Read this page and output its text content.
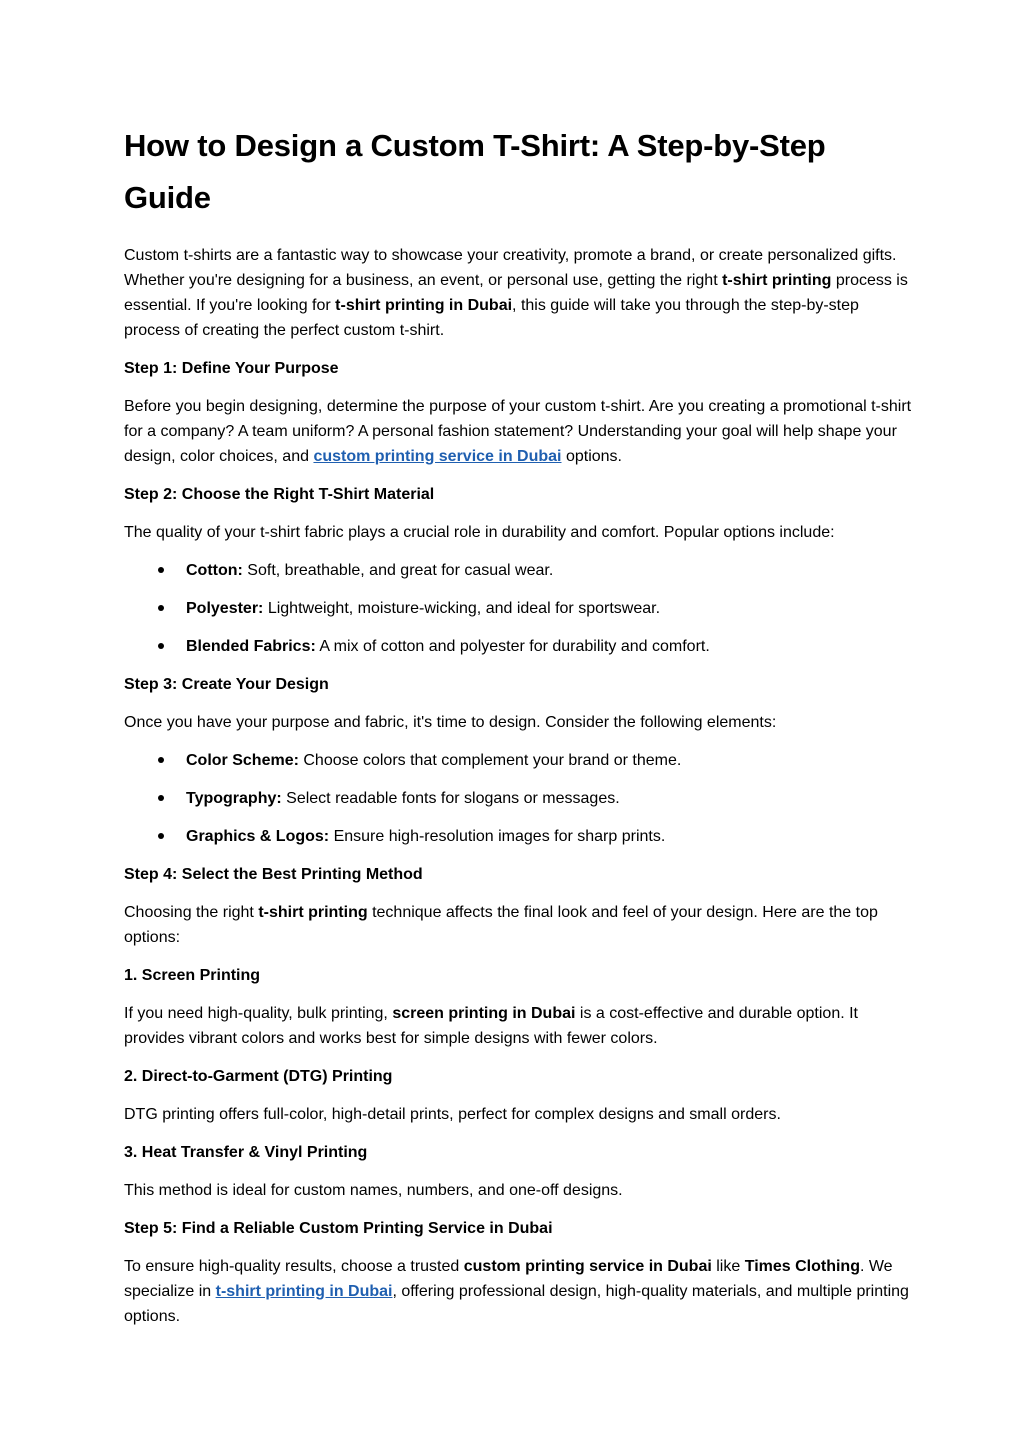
How to Design a Custom T-Shirt: A Step-by-Step Guide

Custom t-shirts are a fantastic way to showcase your creativity, promote a brand, or create personalized gifts. Whether you're designing for a business, an event, or personal use, getting the right t-shirt printing process is essential. If you're looking for t-shirt printing in Dubai, this guide will take you through the step-by-step process of creating the perfect custom t-shirt.

Step 1: Define Your Purpose

Before you begin designing, determine the purpose of your custom t-shirt. Are you creating a promotional t-shirt for a company? A team uniform? A personal fashion statement? Understanding your goal will help shape your design, color choices, and custom printing service in Dubai options.

Step 2: Choose the Right T-Shirt Material

The quality of your t-shirt fabric plays a crucial role in durability and comfort. Popular options include:

Cotton: Soft, breathable, and great for casual wear.
Polyester: Lightweight, moisture-wicking, and ideal for sportswear.
Blended Fabrics: A mix of cotton and polyester for durability and comfort.

Step 3: Create Your Design

Once you have your purpose and fabric, it's time to design. Consider the following elements:

Color Scheme: Choose colors that complement your brand or theme.
Typography: Select readable fonts for slogans or messages.
Graphics & Logos: Ensure high-resolution images for sharp prints.

Step 4: Select the Best Printing Method

Choosing the right t-shirt printing technique affects the final look and feel of your design. Here are the top options:

1. Screen Printing

If you need high-quality, bulk printing, screen printing in Dubai is a cost-effective and durable option. It provides vibrant colors and works best for simple designs with fewer colors.

2. Direct-to-Garment (DTG) Printing

DTG printing offers full-color, high-detail prints, perfect for complex designs and small orders.

3. Heat Transfer & Vinyl Printing

This method is ideal for custom names, numbers, and one-off designs.

Step 5: Find a Reliable Custom Printing Service in Dubai

To ensure high-quality results, choose a trusted custom printing service in Dubai like Times Clothing. We specialize in t-shirt printing in Dubai, offering professional design, high-quality materials, and multiple printing options.
